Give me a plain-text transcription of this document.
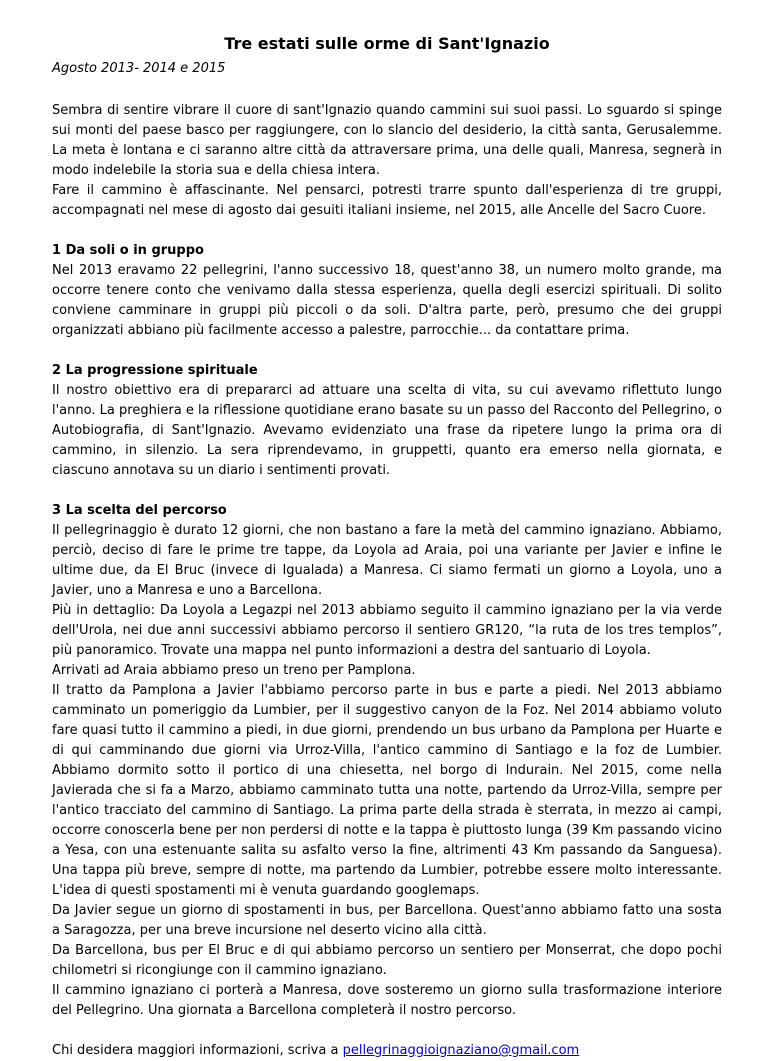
Tre estati sulle orme di Sant'Ignazio
Agosto 2013- 2014 e 2015

Sembra di sentire vibrare il cuore di sant'Ignazio quando cammini sui suoi passi. Lo sguardo si spinge sui monti del paese basco per raggiungere, con lo slancio del desiderio, la città santa, Gerusalemme. La meta è lontana e ci saranno altre città da attraversare prima, una delle quali, Manresa, segnerà in modo indelebile la storia sua e della chiesa intera.
Fare il cammino è affascinante. Nel pensarci, potresti trarre spunto dall'esperienza di tre gruppi, accompagnati nel mese di agosto dai gesuiti italiani insieme, nel 2015, alle Ancelle del Sacro Cuore.

1 Da soli o in gruppo

Nel 2013 eravamo 22 pellegrini, l'anno successivo 18, quest'anno 38, un numero molto grande, ma occorre tenere conto che venivamo dalla stessa esperienza, quella degli esercizi spirituali. Di solito conviene camminare in gruppi più piccoli o da soli. D'altra parte, però, presumo che dei gruppi organizzati abbiano più facilmente accesso a palestre, parrocchie... da contattare prima.

2 La progressione spirituale

Il nostro obiettivo era di prepararci ad attuare una scelta di vita, su cui avevamo riflettuto lungo l'anno. La preghiera e la riflessione quotidiane erano basate su un passo del Racconto del Pellegrino, o Autobiografia, di Sant'Ignazio. Avevamo evidenziato una frase da ripetere lungo la prima ora di cammino, in silenzio. La sera riprendevamo, in gruppetti, quanto era emerso nella giornata, e ciascuno annotava su un diario i sentimenti provati.

3 La scelta del percorso

Il pellegrinaggio è durato 12 giorni, che non bastano a fare la metà del cammino ignaziano. Abbiamo, perciò, deciso di fare le prime tre tappe, da Loyola ad Araia, poi una variante per Javier e infine le ultime due, da El Bruc (invece di Igualada) a Manresa. Ci siamo fermati un giorno a Loyola, uno a Javier, uno a Manresa e uno a Barcellona.
Più in dettaglio: Da Loyola a Legazpi nel 2013 abbiamo seguito il cammino ignaziano per la via verde dell'Urola, nei due anni successivi abbiamo percorso il sentiero GR120, “la ruta de los tres templos”, più panoramico. Trovate una mappa nel punto informazioni a destra del santuario di Loyola.
Arrivati ad Araia abbiamo preso un treno per Pamplona.
Il tratto da Pamplona a Javier l'abbiamo percorso parte in bus e parte a piedi. Nel 2013 abbiamo camminato un pomeriggio da Lumbier, per il suggestivo canyon de la Foz. Nel 2014 abbiamo voluto fare quasi tutto il cammino a piedi, in due giorni, prendendo un bus urbano da Pamplona per Huarte e di qui camminando due giorni via Urroz-Villa, l'antico cammino di Santiago e la foz de Lumbier. Abbiamo dormito sotto il portico di una chiesetta, nel borgo di Indurain. Nel 2015, come nella Javierada che si fa a Marzo, abbiamo camminato tutta una notte, partendo da Urroz-Villa, sempre per l'antico tracciato del cammino di Santiago. La prima parte della strada è sterrata, in mezzo ai campi, occorre conoscerla bene per non perdersi di notte e la tappa è piuttosto lunga (39 Km passando vicino a Yesa, con una estenuante salita su asfalto verso la fine, altrimenti 43 Km passando da Sanguesa). Una tappa più breve, sempre di notte, ma partendo da Lumbier, potrebbe essere molto interessante. L'idea di questi spostamenti mi è venuta guardando googlemaps.
Da Javier segue un giorno di spostamenti in bus, per Barcellona. Quest'anno abbiamo fatto una sosta a Saragozza, per una breve incursione nel deserto vicino alla città.
Da Barcellona, bus per El Bruc e di qui abbiamo percorso un sentiero per Monserrat, che dopo pochi chilometri si ricongiunge con il cammino ignaziano.
Il cammino ignaziano ci porterà a Manresa, dove sosteremo un giorno sulla trasformazione interiore del Pellegrino. Una giornata a Barcellona completerà il nostro percorso.

Chi desidera maggiori informazioni, scriva a pellegrinaggioignaziano@gmail.com
